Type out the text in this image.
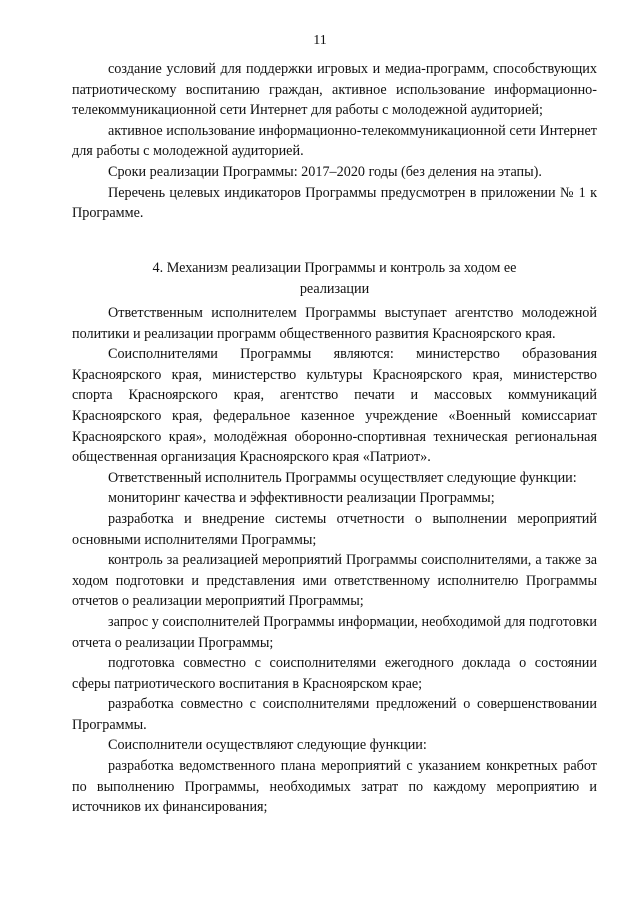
11

создание условий для поддержки игровых и медиа-программ, способствующих патриотическому воспитанию граждан, активное использование информационно-телекоммуникационной сети Интернет для работы с молодежной аудиторией;

активное использование информационно-телекоммуникационной сети Интернет для работы с молодежной аудиторией.

Сроки реализации Программы: 2017–2020 годы (без деления на этапы).

Перечень целевых индикаторов Программы предусмотрен в приложении № 1 к Программе.

4. Механизм реализации Программы и контроль за ходом ее
реализации

Ответственным исполнителем Программы выступает агентство молодежной политики и реализации программ общественного развития Красноярского края.

Соисполнителями Программы являются: министерство образования Красноярского края, министерство культуры Красноярского края, министерство спорта Красноярского края, агентство печати и массовых коммуникаций Красноярского края, федеральное казенное учреждение «Военный комиссариат Красноярского края», молодёжная оборонно-спортивная техническая региональная общественная организация Красноярского края «Патриот».

Ответственный исполнитель Программы осуществляет следующие функции:

мониторинг качества и эффективности реализации Программы;

разработка и внедрение системы отчетности о выполнении мероприятий основными исполнителями Программы;

контроль за реализацией мероприятий Программы соисполнителями, а также за ходом подготовки и представления ими ответственному исполнителю Программы отчетов о реализации мероприятий Программы;

запрос у соисполнителей Программы информации, необходимой для подготовки отчета о реализации Программы;

подготовка совместно с соисполнителями ежегодного доклада о состоянии сферы патриотического воспитания в Красноярском крае;

разработка совместно с соисполнителями предложений о совершенствовании Программы.

Соисполнители осуществляют следующие функции:

разработка ведомственного плана мероприятий с указанием конкретных работ по выполнению Программы, необходимых затрат по каждому мероприятию и источников их финансирования;
